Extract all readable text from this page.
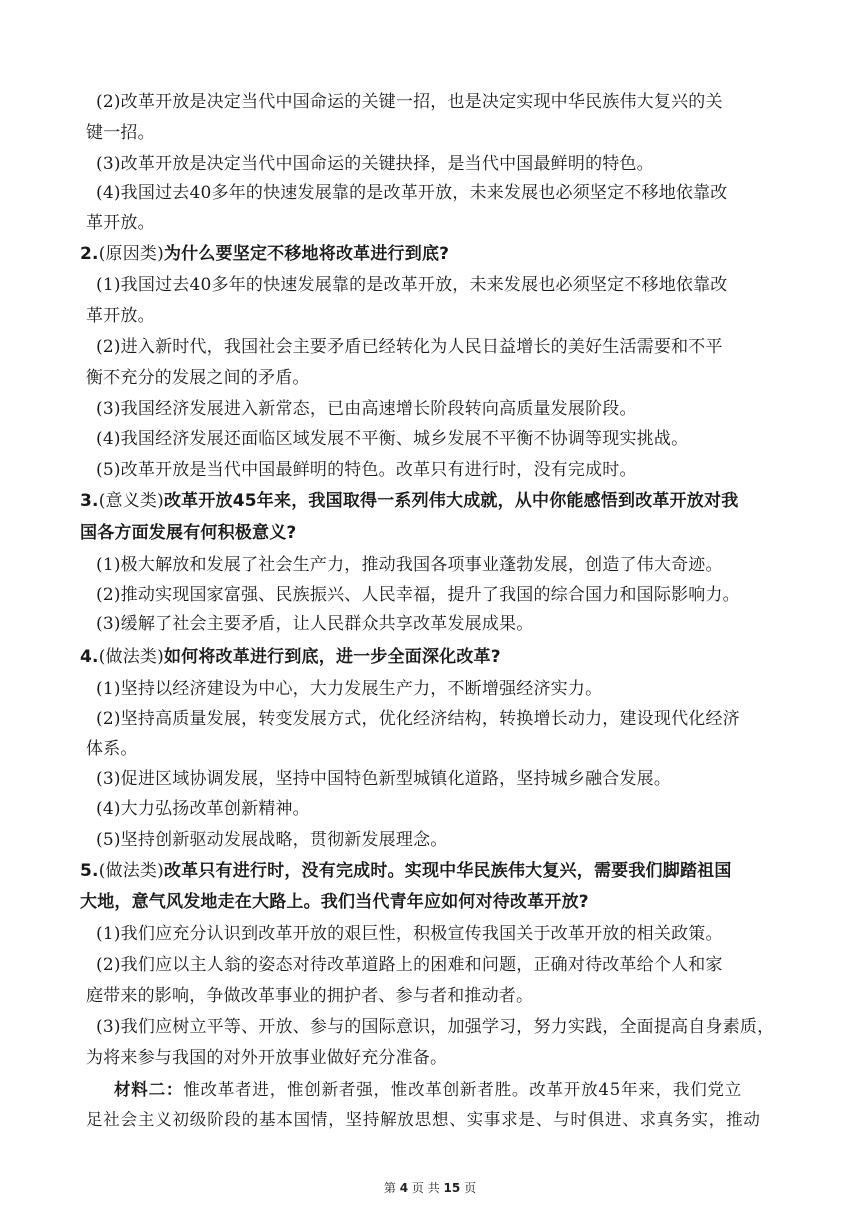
(2)改革开放是决定当代中国命运的关键一招，也是决定实现中华民族伟大复兴的关
键一招。
(3)改革开放是决定当代中国命运的关键抉择，是当代中国最鲜明的特色。
(4)我国过去40多年的快速发展靠的是改革开放，未来发展也必须坚定不移地依靠改
革开放。
2.(原因类)为什么要坚定不移地将改革进行到底?
(1)我国过去40多年的快速发展靠的是改革开放，未来发展也必须坚定不移地依靠改
革开放。
(2)进入新时代，我国社会主要矛盾已经转化为人民日益增长的美好生活需要和不平
衡不充分的发展之间的矛盾。
(3)我国经济发展进入新常态，已由高速增长阶段转向高质量发展阶段。
(4)我国经济发展还面临区域发展不平衡、城乡发展不平衡不协调等现实挑战。
(5)改革开放是当代中国最鲜明的特色。改革只有进行时，没有完成时。
3.(意义类)改革开放45年来，我国取得一系列伟大成就，从中你能感悟到改革开放对我
国各方面发展有何积极意义?
(1)极大解放和发展了社会生产力，推动我国各项事业蓬勃发展，创造了伟大奇迹。
(2)推动实现国家富强、民族振兴、人民幸福，提升了我国的综合国力和国际影响力。
(3)缓解了社会主要矛盾，让人民群众共享改革发展成果。
4.(做法类)如何将改革进行到底，进一步全面深化改革?
(1)坚持以经济建设为中心，大力发展生产力，不断增强经济实力。
(2)坚持高质量发展，转变发展方式，优化经济结构，转换增长动力，建设现代化经济
体系。
(3)促进区域协调发展，坚持中国特色新型城镇化道路，坚持城乡融合发展。
(4)大力弘扬改革创新精神。
(5)坚持创新驱动发展战略，贯彻新发展理念。
5.(做法类)改革只有进行时，没有完成时。实现中华民族伟大复兴，需要我们脚踏祖国
大地，意气风发地走在大路上。我们当代青年应如何对待改革开放?
(1)我们应充分认识到改革开放的艰巨性，积极宣传我国关于改革开放的相关政策。
(2)我们应以主人翁的姿态对待改革道路上的困难和问题，正确对待改革给个人和家
庭带来的影响，争做改革事业的拥护者、参与者和推动者。
(3)我们应树立平等、开放、参与的国际意识，加强学习，努力实践，全面提高自身素质，
为将来参与我国的对外开放事业做好充分准备。
材料二：惟改革者进，惟创新者强，惟改革创新者胜。改革开放45年来，我们党立
足社会主义初级阶段的基本国情，坚持解放思想、实事求是、与时俱进、求真务实，推动
第 4 页 共 15 页
